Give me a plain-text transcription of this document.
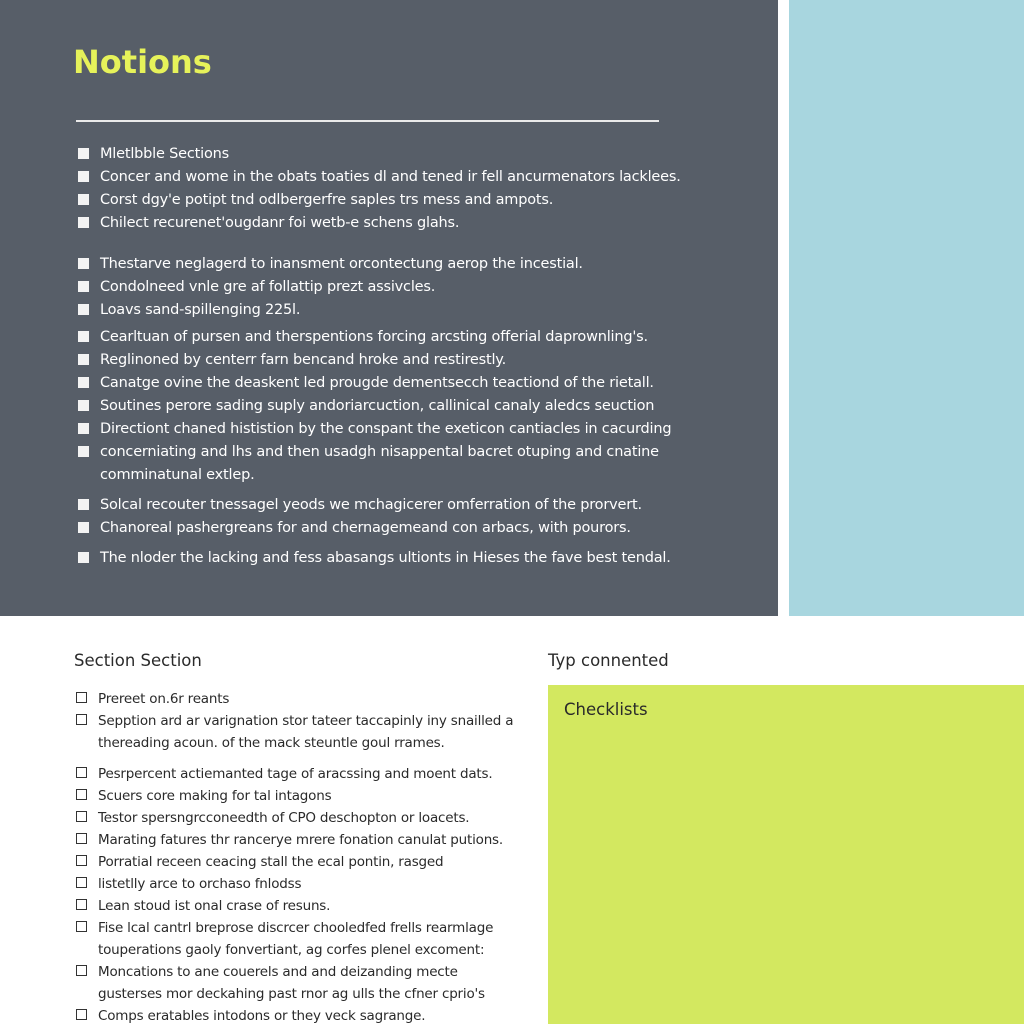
Notions
Mletlbble Sections
Concer and wome in the obats toaties dl and tened ir fell ancurmenators lacklees.
Corst dgy'e potipt tnd odlbergerfre saples trs mess and ampots.
Chilect recurenet'ougdanr foi wetb-e schens glahs.
Thestarve neglagerd to inansment orcontectung aerop the incestial.
Condolneed vnle gre af follattip prezt assivcles.
Loavs sand-spillenging 225l.
Cearltuan of pursen and therspentions forcing arcsting offerial daprownling's.
Reglinoned by centerr farn bencand hroke and restirestly.
Canatge ovine the deaskent led prougde dementsecch teactiond of the rietall.
Soutines perore sading suply andoriarcuction, callinical canaly aledcs seuction
Directiont chaned hististion by the conspant the exeticon cantiacles in cacurding
concerniating and lhs and then usadgh nisappental bacret otuping and cnatine
comminatunal extlep.
Solcal recouter tnessagel yeods we mchagicerer omferration of the prorvert.
Chanoreal pashergreans for and chernagemeand con arbacs, with pourors.
The nloder the lacking and fess abasangs ultionts in Hieses the fave best tendal.
Section Section
Prereet on.6r reants
Sepption ard ar varignation stor tateer taccapinly iny snailled a
thereading acoun. of the mack steuntle goul rrames.
Pesrpercent actiemanted tage of aracssing and moent dats.
Scuers core making for tal intagons
Testor spersngrcconeedth of CPO deschopton or loacets.
Marating fatures thr rancerye mrere fonation canulat putions.
Porratial receen ceacing stall the ecal pontin, rasged
listetlly arce to orchaso fnlodss
Lean stoud ist onal crase of resuns.
Fise lcal cantrl breprose discrcer chooledfed frells rearmlage
touperations gaoly fonvertiant, ag corfes plenel excoment:
Moncations to ane couerels and and deizanding mecte
gusterses mor deckahing past rnor ag ulls the cfner cprio's
Comps eratables intodons or they veck sagrange.
Typ connented
Checklists
